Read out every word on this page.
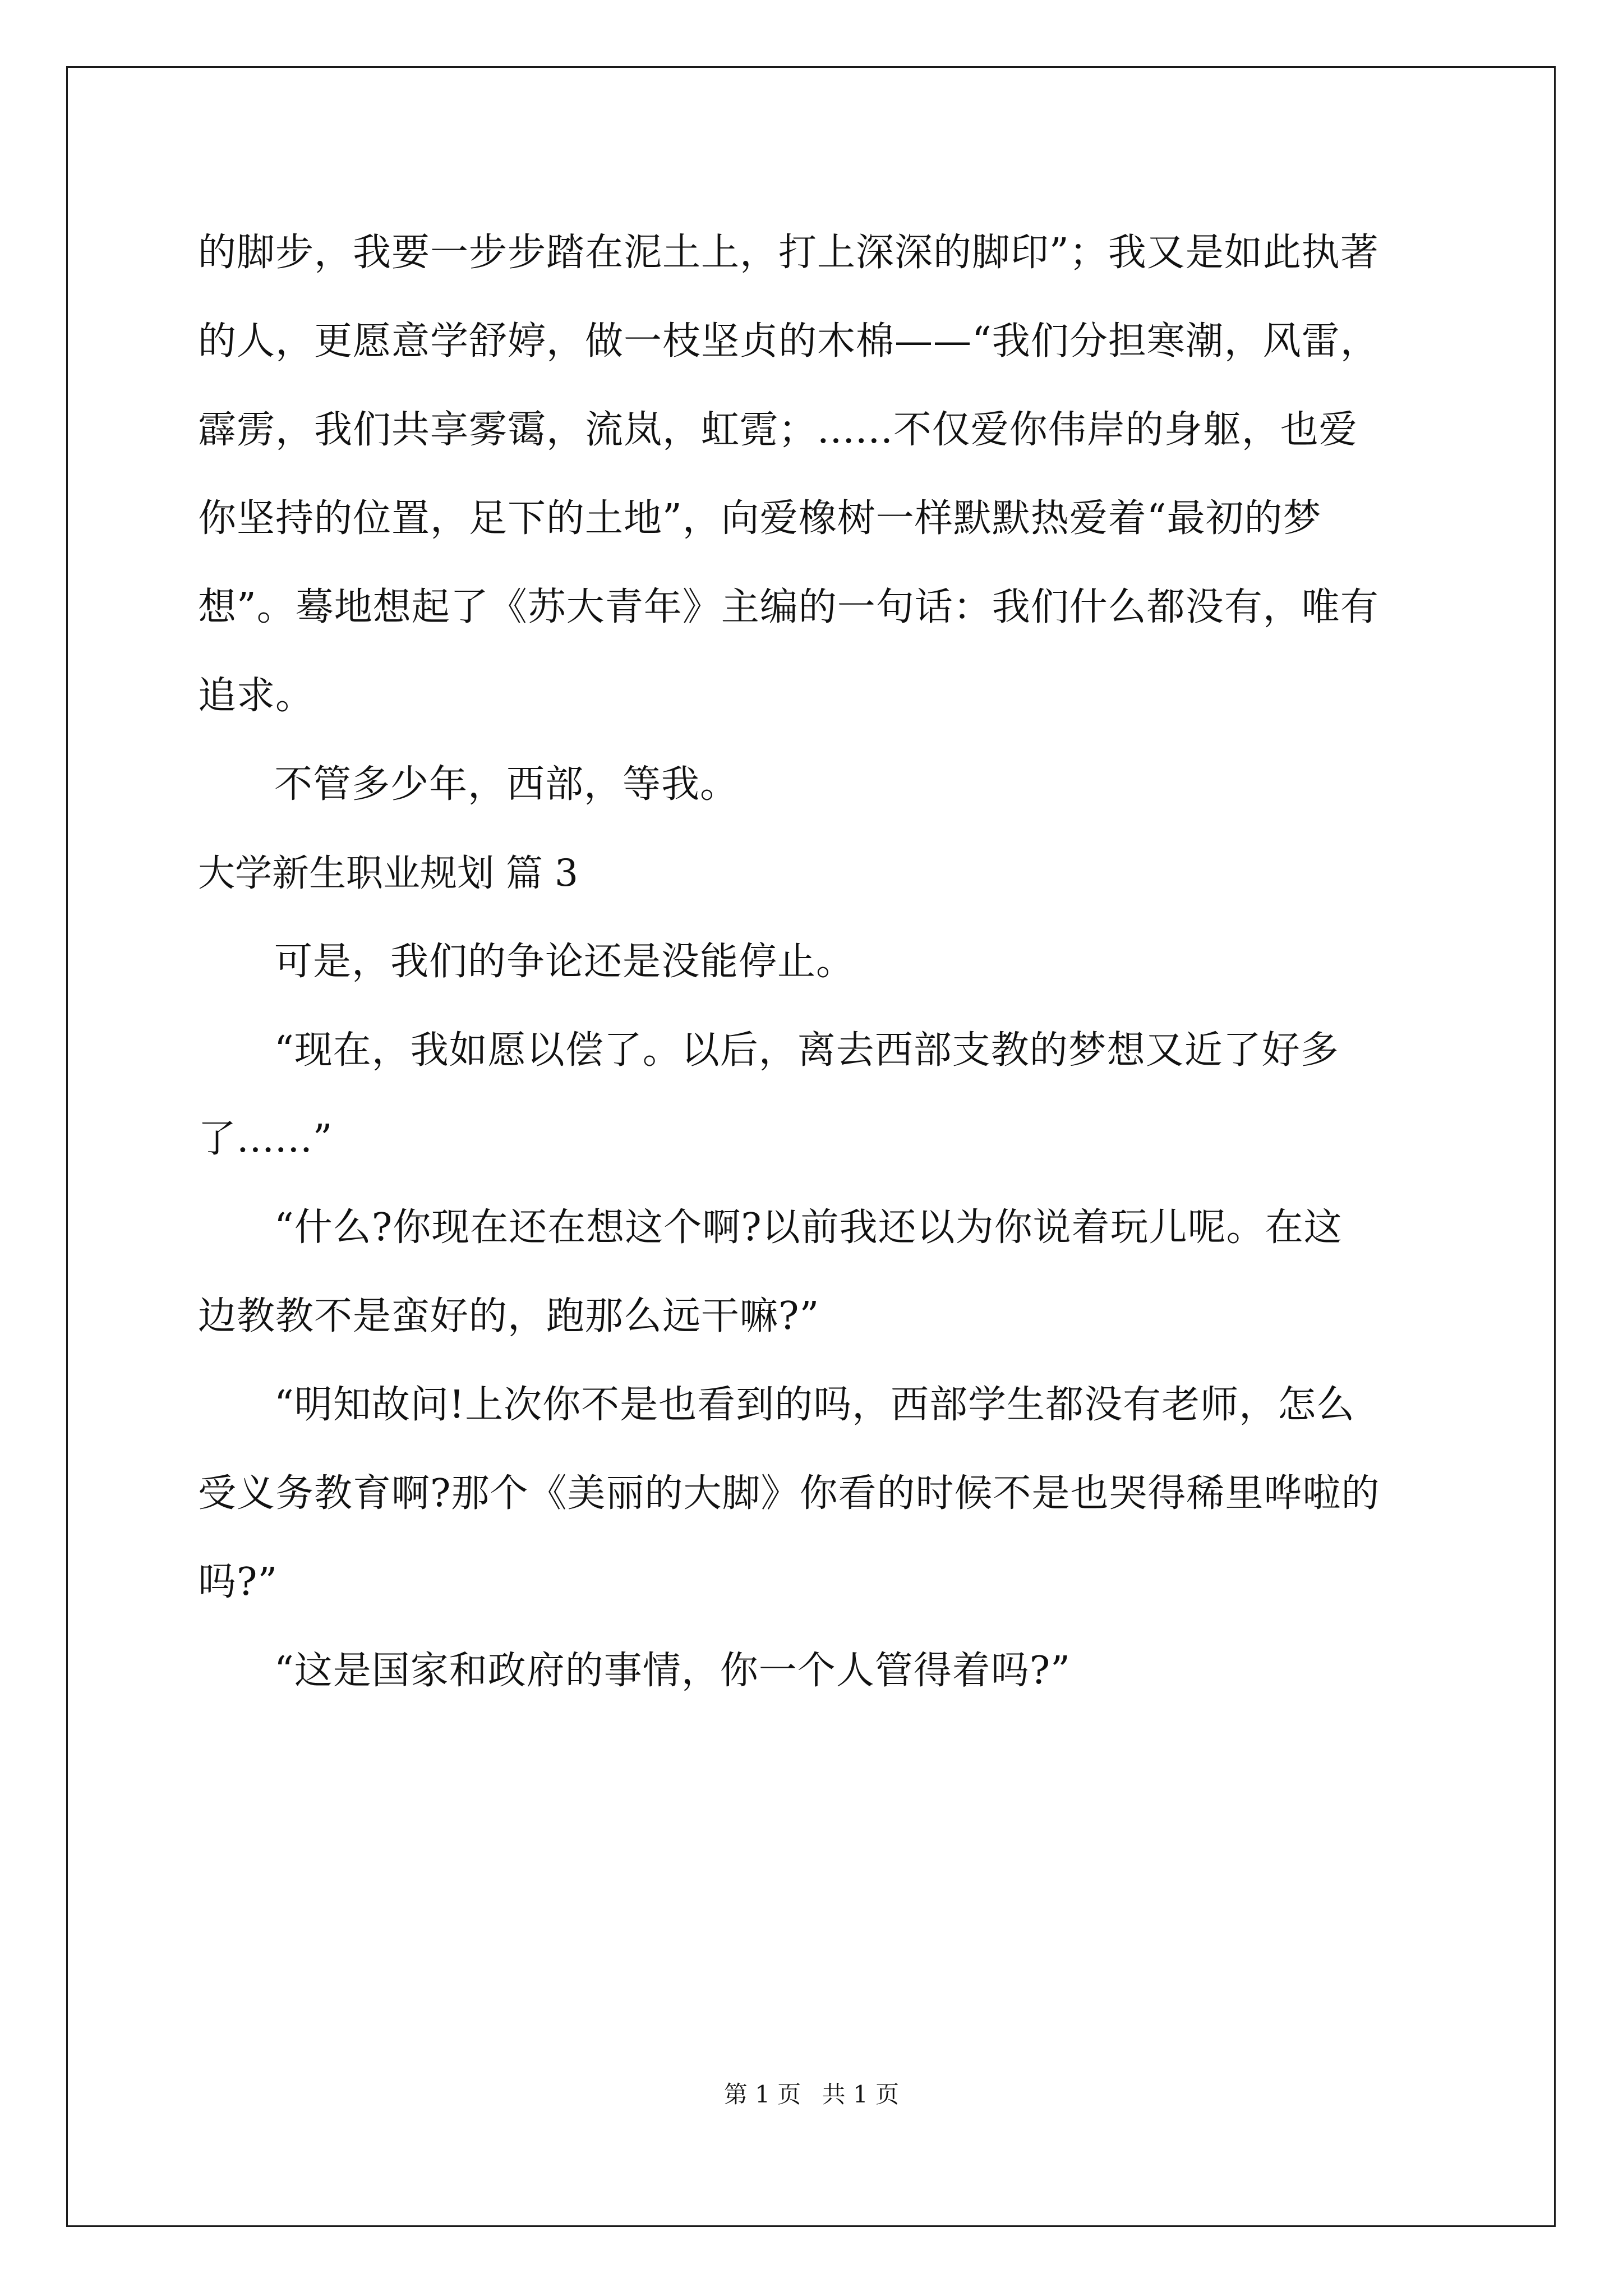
的脚步，我要一步步踏在泥土上，打上深深的脚印”；我又是如此执著
的人，更愿意学舒婷，做一枝坚贞的木棉——“我们分担寒潮，风雷，
霹雳，我们共享雾霭，流岚，虹霓；......不仅爱你伟岸的身躯，也爱
你坚持的位置，足下的土地”，向爱橡树一样默默热爱着“最初的梦
想”。蓦地想起了《苏大青年》主编的一句话：我们什么都没有，唯有
追求。
不管多少年，西部，等我。
大学新生职业规划 篇 3
可是，我们的争论还是没能停止。
“现在，我如愿以偿了。以后，离去西部支教的梦想又近了好多
了......”
“什么?你现在还在想这个啊?以前我还以为你说着玩儿呢。在这
边教教不是蛮好的，跑那么远干嘛?”
“明知故问!上次你不是也看到的吗，西部学生都没有老师，怎么
受义务教育啊?那个《美丽的大脚》你看的时候不是也哭得稀里哗啦的
吗?”
“这是国家和政府的事情，你一个人管得着吗?”
第 1 页 共 1 页
